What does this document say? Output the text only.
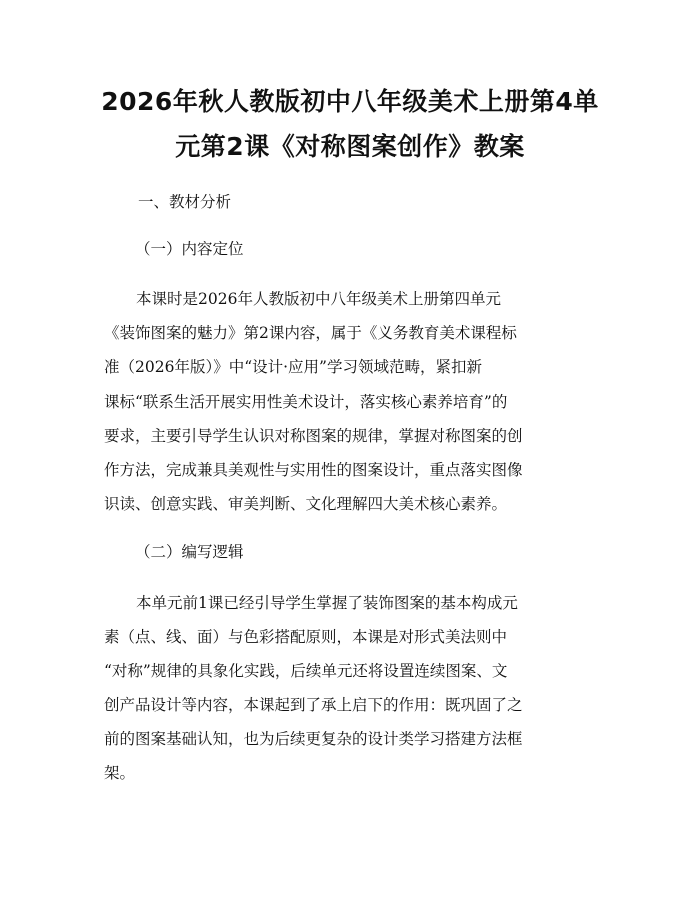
2026年秋人教版初中八年级美术上册第4单
元第2课《对称图案创作》教案
一、教材分析
（一）内容定位
本课时是2026年人教版初中八年级美术上册第四单元
《装饰图案的魅力》第2课内容，属于《义务教育美术课程标
准（2026年版）》中“设计·应用”学习领域范畴，紧扣新
课标“联系生活开展实用性美术设计，落实核心素养培育”的
要求，主要引导学生认识对称图案的规律，掌握对称图案的创
作方法，完成兼具美观性与实用性的图案设计，重点落实图像
识读、创意实践、审美判断、文化理解四大美术核心素养。
（二）编写逻辑
本单元前1课已经引导学生掌握了装饰图案的基本构成元
素（点、线、面）与色彩搭配原则，本课是对形式美法则中
“对称”规律的具象化实践，后续单元还将设置连续图案、文
创产品设计等内容，本课起到了承上启下的作用：既巩固了之
前的图案基础认知，也为后续更复杂的设计类学习搭建方法框
架。
